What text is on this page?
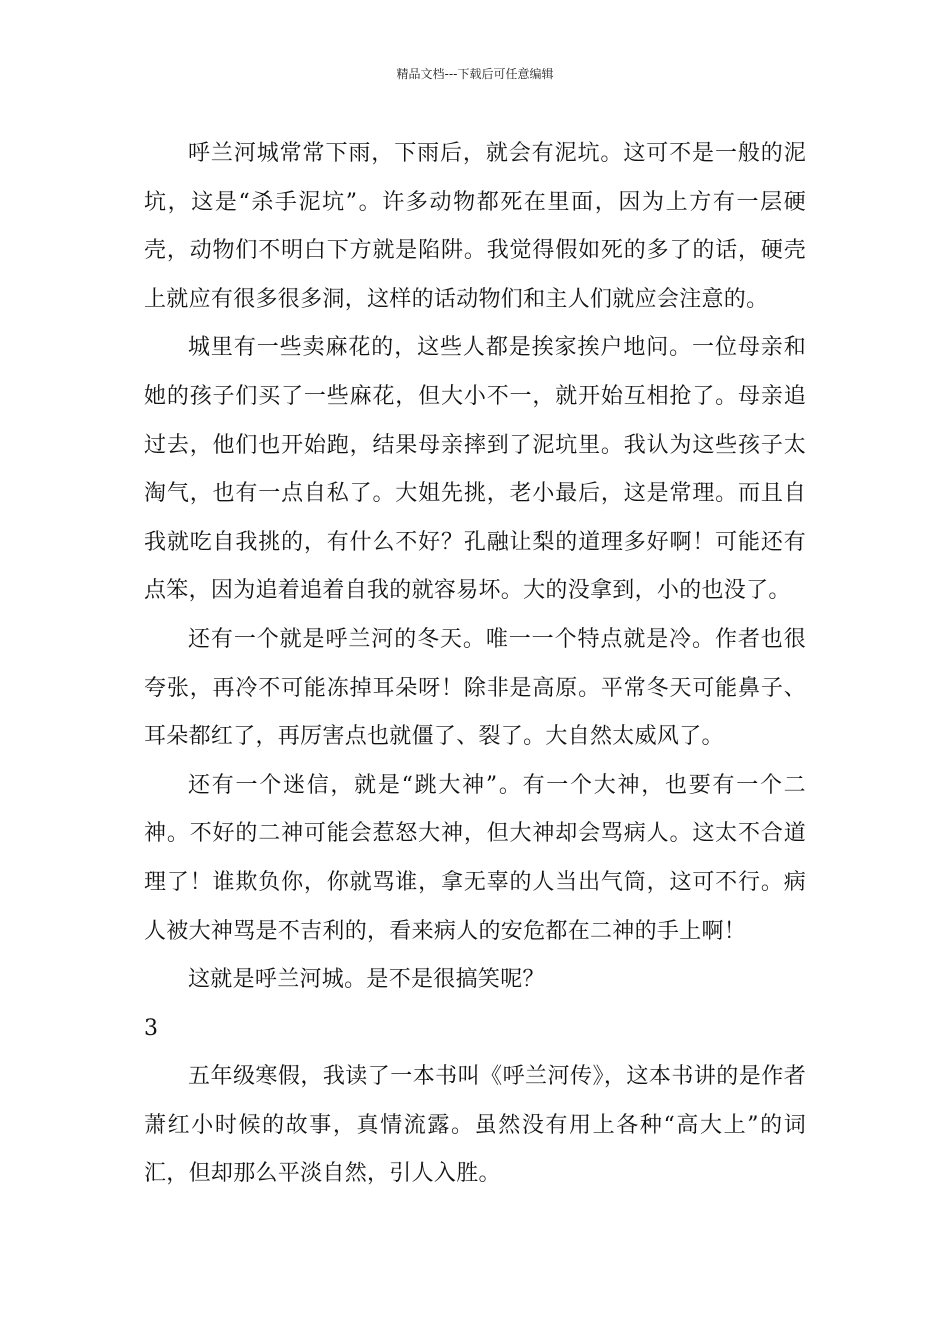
精品文档---下载后可任意编辑

呼兰河城常常下雨，下雨后，就会有泥坑。这可不是一般的泥坑，这是“杀手泥坑”。许多动物都死在里面，因为上方有一层硬壳，动物们不明白下方就是陷阱。我觉得假如死的多了的话，硬壳上就应有很多很多洞，这样的话动物们和主人们就应会注意的。

城里有一些卖麻花的，这些人都是挨家挨户地问。一位母亲和她的孩子们买了一些麻花，但大小不一，就开始互相抢了。母亲追过去，他们也开始跑，结果母亲摔到了泥坑里。我认为这些孩子太淘气，也有一点自私了。大姐先挑，老小最后，这是常理。而且自我就吃自我挑的，有什么不好？孔融让梨的道理多好啊！可能还有点笨，因为追着追着自我的就容易坏。大的没拿到，小的也没了。

还有一个就是呼兰河的冬天。唯一一个特点就是冷。作者也很夸张，再冷不可能冻掉耳朵呀！除非是高原。平常冬天可能鼻子、耳朵都红了，再厉害点也就僵了、裂了。大自然太威风了。

还有一个迷信，就是“跳大神”。有一个大神，也要有一个二神。不好的二神可能会惹怒大神，但大神却会骂病人。这太不合道理了！谁欺负你，你就骂谁，拿无辜的人当出气筒，这可不行。病人被大神骂是不吉利的，看来病人的安危都在二神的手上啊！

这就是呼兰河城。是不是很搞笑呢？

3

五年级寒假，我读了一本书叫《呼兰河传》，这本书讲的是作者萧红小时候的故事，真情流露。虽然没有用上各种“高大上”的词汇，但却那么平淡自然，引人入胜。
